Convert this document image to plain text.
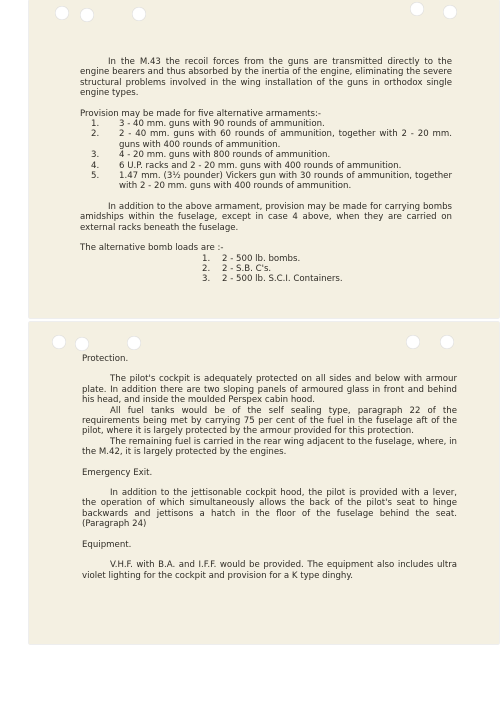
In the M.43 the recoil forces from the guns are transmitted directly to the engine bearers and thus absorbed by the inertia of the engine, eliminating the severe structural problems involved in the wing installation of the guns in orthodox single engine types.

Provision may be made for five alternative armaments:-

1.	3 - 40 mm. guns with 90 rounds of ammunition.
2.	2 - 40 mm. guns with 60 rounds of ammunition, together with 2 - 20 mm. guns with 400 rounds of ammunition.
3.	4 - 20 mm. guns with 800 rounds of ammunition.
4.	6 U.P. racks and 2 - 20 mm. guns with 400 rounds of ammunition.
5.	1.47 mm. (3½ pounder) Vickers gun with 30 rounds of ammunition, together with 2 - 20 mm. guns with 400 rounds of ammunition.

In addition to the above armament, provision may be made for carrying bombs amidships within the fuselage, except in case 4 above, when they are carried on external racks beneath the fuselage.

The alternative bomb loads are :-

1.	2 - 500 lb. bombs.
2.	2 - S.B. C's.
3.	2 - 500 lb. S.C.I. Containers.

Protection.

The pilot's cockpit is adequately protected on all sides and below with armour plate. In addition there are two sloping panels of armoured glass in front and behind his head, and inside the moulded Perspex cabin hood.

All fuel tanks would be of the self sealing type, paragraph 22 of the requirements being met by carrying 75 per cent of the fuel in the fuselage aft of the pilot, where it is largely protected by the armour provided for this protection.

The remaining fuel is carried in the rear wing adjacent to the fuselage, where, in the M.42, it is largely protected by the engines.

Emergency Exit.

In addition to the jettisonable cockpit hood, the pilot is provided with a lever, the operation of which simultaneously allows the back of the pilot's seat to hinge backwards and jettisons a hatch in the floor of the fuselage behind the seat. (Paragraph 24)

Equipment.

V.H.F. with B.A. and I.F.F. would be provided. The equipment also includes ultra violet lighting for the cockpit and provision for a K type dinghy.
